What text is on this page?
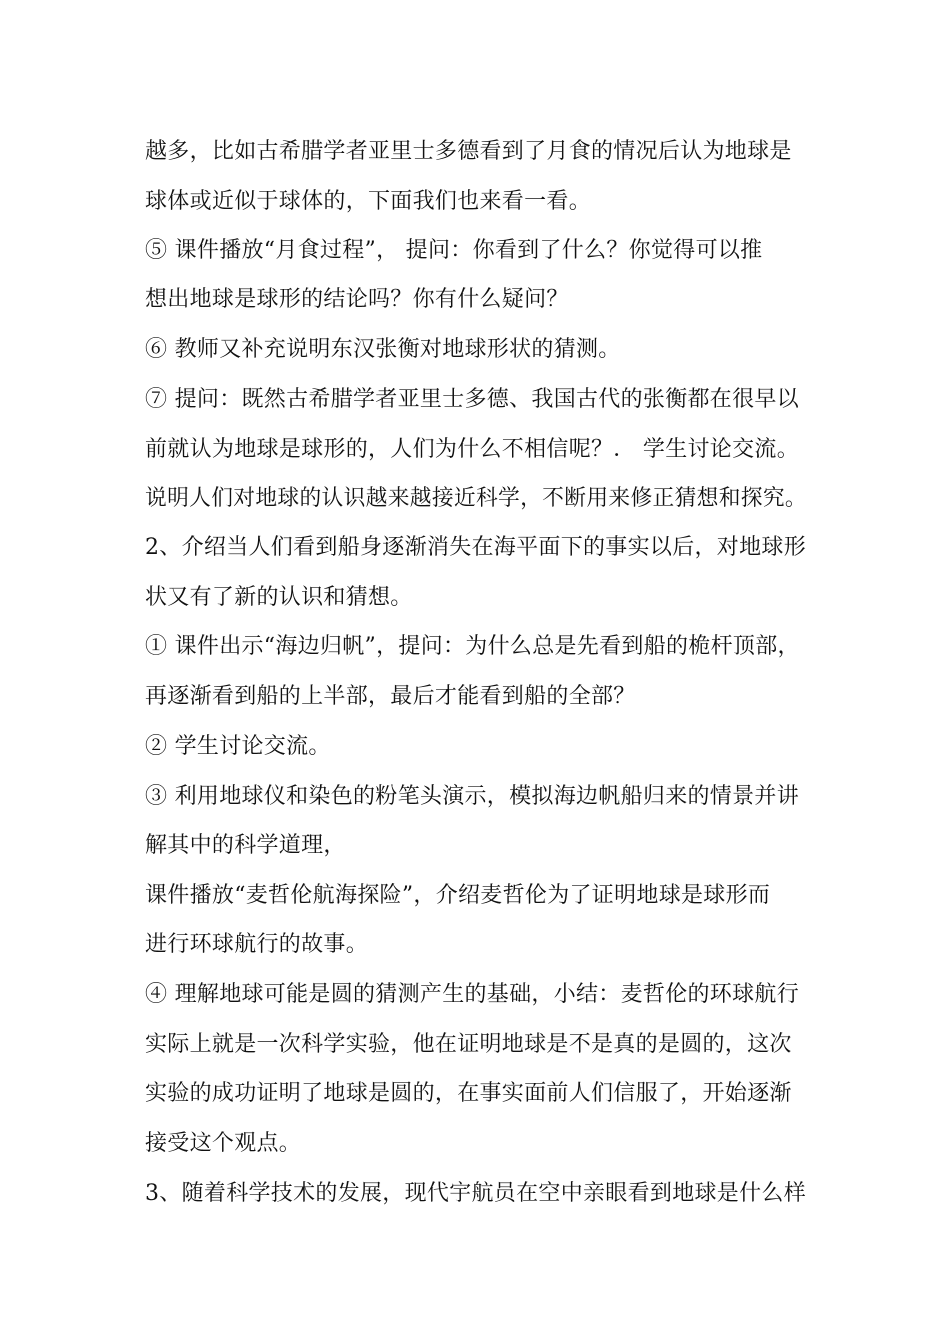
越多，比如古希腊学者亚里士多德看到了月食的情况后认为地球是
球体或近似于球体的，下面我们也来看一看。
⑤ 课件播放“月食过程”， 提问：你看到了什么？你觉得可以推
想出地球是球形的结论吗？你有什么疑问？
⑥ 教师又补充说明东汉张衡对地球形状的猜测。
⑦ 提问：既然古希腊学者亚里士多德、我国古代的张衡都在很早以
前就认为地球是球形的，人们为什么不相信呢？． 学生讨论交流。
说明人们对地球的认识越来越接近科学，不断用来修正猜想和探究。
2、介绍当人们看到船身逐渐消失在海平面下的事实以后，对地球形
状又有了新的认识和猜想。
① 课件出示“海边归帆”，提问：为什么总是先看到船的桅杆顶部，
再逐渐看到船的上半部，最后才能看到船的全部？
② 学生讨论交流。
③ 利用地球仪和染色的粉笔头演示，模拟海边帆船归来的情景并讲
解其中的科学道理，
课件播放“麦哲伦航海探险”，介绍麦哲伦为了证明地球是球形而
进行环球航行的故事。
④ 理解地球可能是圆的猜测产生的基础，小结：麦哲伦的环球航行
实际上就是一次科学实验，他在证明地球是不是真的是圆的，这次
实验的成功证明了地球是圆的，在事实面前人们信服了，开始逐渐
接受这个观点。
3、随着科学技术的发展，现代宇航员在空中亲眼看到地球是什么样
